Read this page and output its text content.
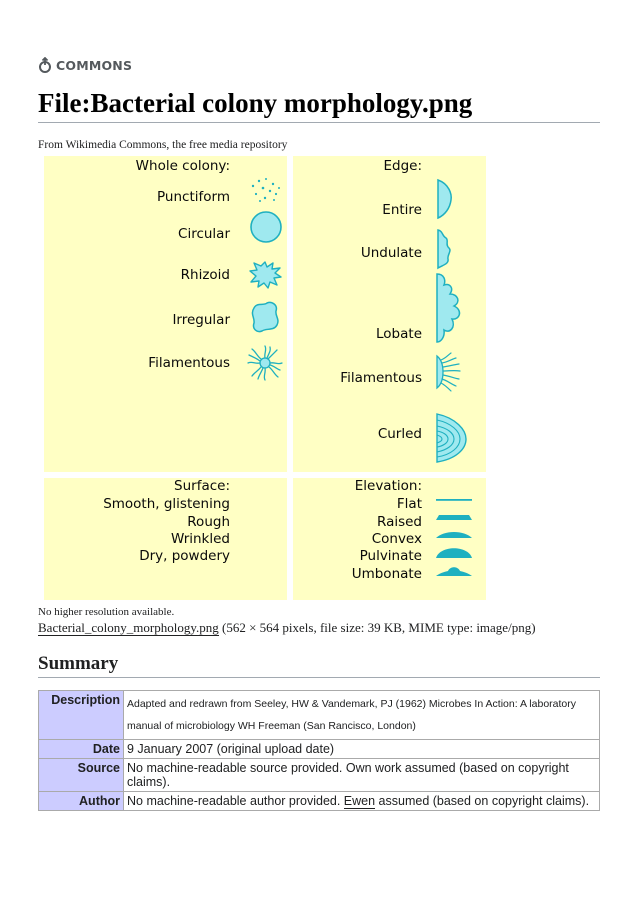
COMMONS
File:Bacterial colony morphology.png
From Wikimedia Commons, the free media repository
Whole colony:
Punctiform
Circular
Rhizoid
Irregular
Filamentous
Edge:
Entire
Undulate
Lobate
Filamentous
Curled
Surface:
Smooth, glistening
Rough
Wrinkled
Dry, powdery
Elevation:
Flat
Raised
Convex
Pulvinate
Umbonate
No higher resolution available.
Bacterial_colony_morphology.png (562 × 564 pixels, file size: 39 KB, MIME type: image/png)
Summary
Description	Adapted and redrawn from Seeley, HW & Vandemark, PJ (1962) Microbes In Action: A laboratory manual of microbiology WH Freeman (San Rancisco, London)
Date	9 January 2007 (original upload date)
Source	No machine-readable source provided. Own work assumed (based on copyright claims).
Author	No machine-readable author provided. Ewen assumed (based on copyright claims).
